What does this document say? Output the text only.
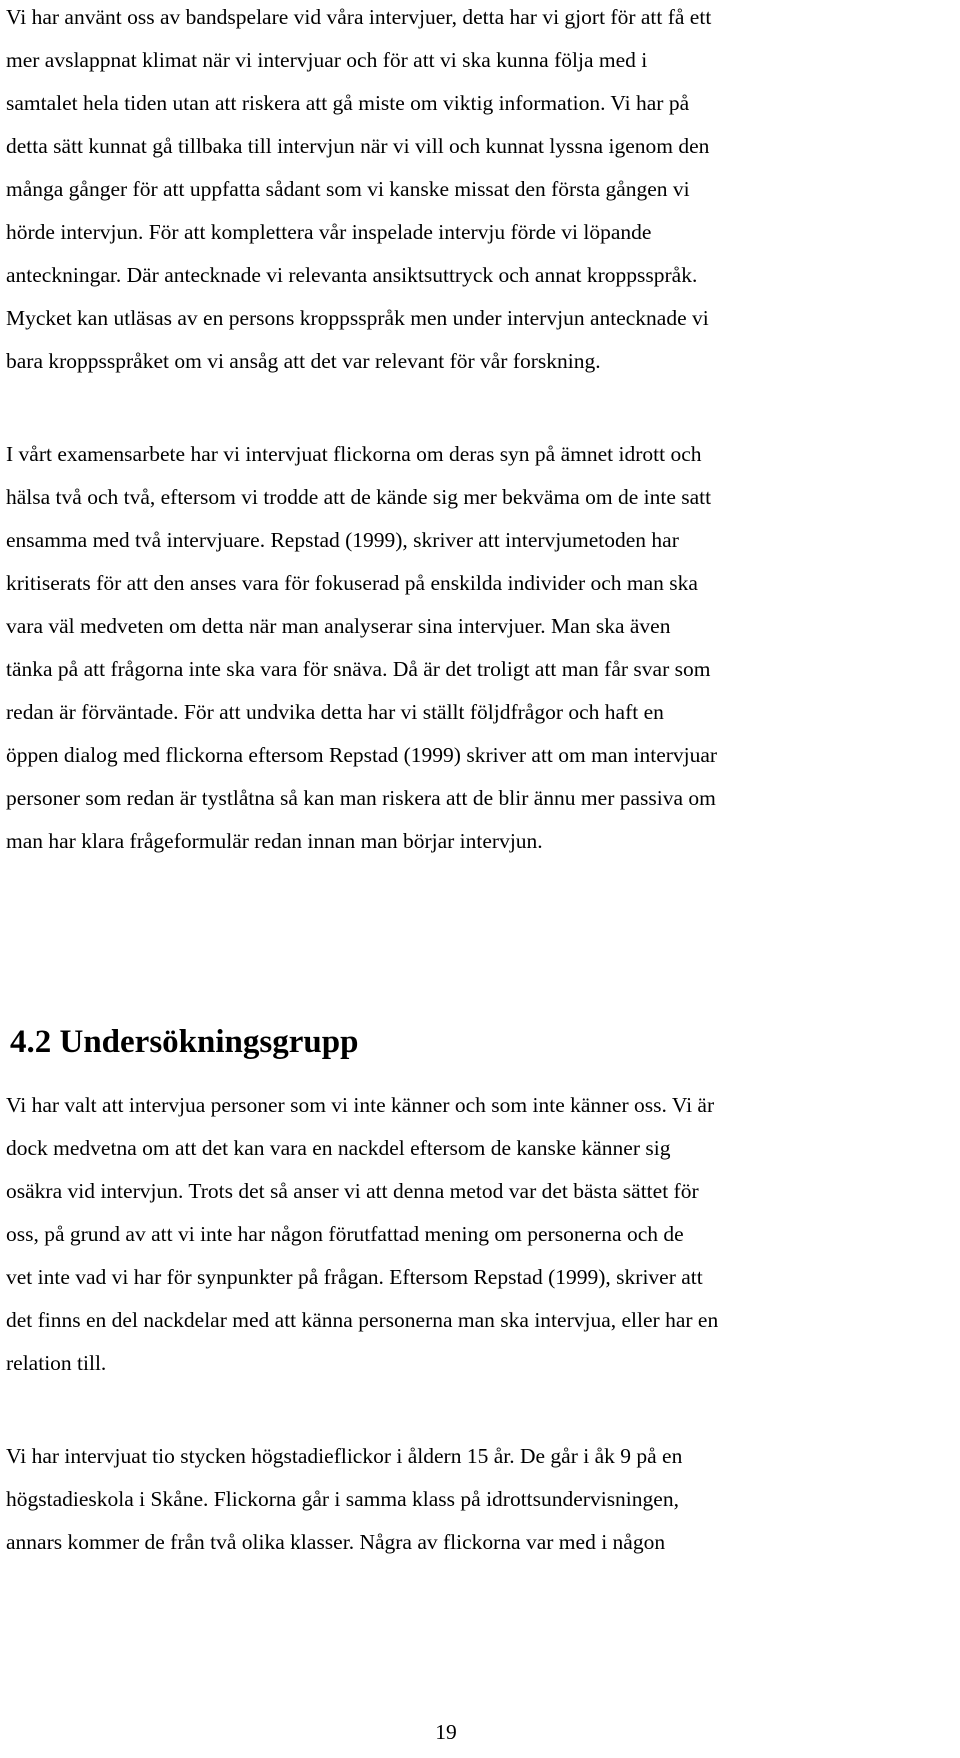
Vi har använt oss av bandspelare vid våra intervjuer, detta har vi gjort för att få ett
mer avslappnat klimat när vi intervjuar och för att vi ska kunna följa med i
samtalet hela tiden utan att riskera att gå miste om viktig information. Vi har på
detta sätt kunnat gå tillbaka till intervjun när vi vill och kunnat lyssna igenom den
många gånger för att uppfatta sådant som vi kanske missat den första gången vi
hörde intervjun. För att komplettera vår inspelade intervju förde vi löpande
anteckningar. Där antecknade vi relevanta ansiktsuttryck och annat kroppsspråk.
Mycket kan utläsas av en persons kroppsspråk men under intervjun antecknade vi
bara kroppsspråket om vi ansåg att det var relevant för vår forskning.
I vårt examensarbete har vi intervjuat flickorna om deras syn på ämnet idrott och
hälsa två och två, eftersom vi trodde att de kände sig mer bekväma om de inte satt
ensamma med två intervjuare. Repstad (1999), skriver att intervjumetoden har
kritiserats för att den anses vara för fokuserad på enskilda individer och man ska
vara väl medveten om detta när man analyserar sina intervjuer. Man ska även
tänka på att frågorna inte ska vara för snäva. Då är det troligt att man får svar som
redan är förväntade. För att undvika detta har vi ställt följdfrågor och haft en
öppen dialog med flickorna eftersom Repstad (1999) skriver att om man intervjuar
personer som redan är tystlåtna så kan man riskera att de blir ännu mer passiva om
man har klara frågeformulär redan innan man börjar intervjun.
4.2 Undersökningsgrupp
Vi har valt att intervjua personer som vi inte känner och som inte känner oss. Vi är
dock medvetna om att det kan vara en nackdel eftersom de kanske känner sig
osäkra vid intervjun. Trots det så anser vi att denna metod var det bästa sättet för
oss, på grund av att vi inte har någon förutfattad mening om personerna och de
vet inte vad vi har för synpunkter på frågan. Eftersom Repstad (1999), skriver att
det finns en del nackdelar med att känna personerna man ska intervjua, eller har en
relation till.
Vi har intervjuat tio stycken högstadieflickor i åldern 15 år. De går i åk 9 på en
högstadieskola i Skåne. Flickorna går i samma klass på idrottsundervisningen,
annars kommer de från två olika klasser. Några av flickorna var med i någon
19
